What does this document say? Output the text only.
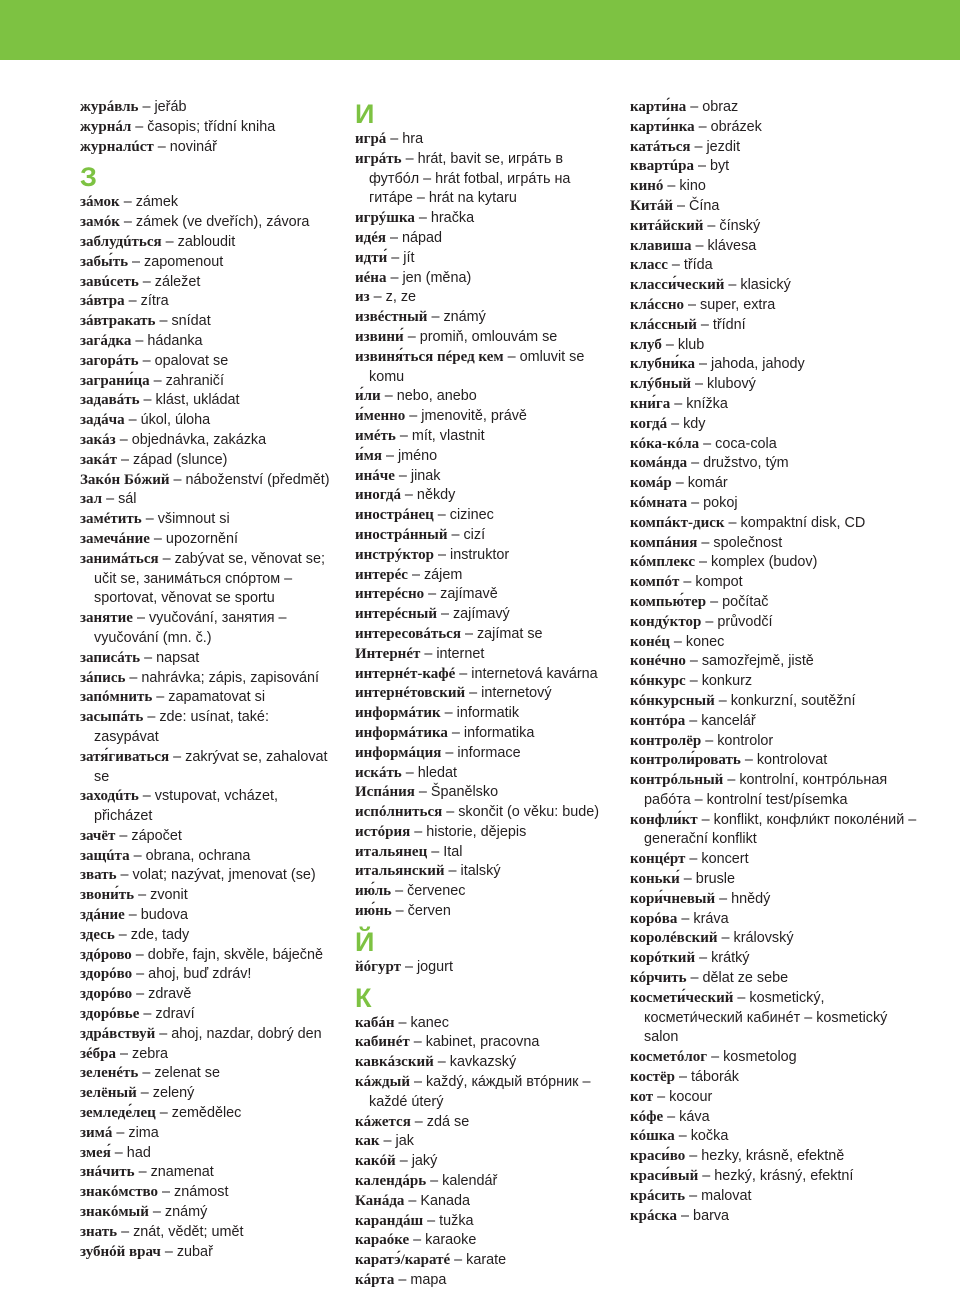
журáвль – jeřáb
журнáл – časopis; třídní kniha
журналúст – novinář
З
зáмок – zámek
замóк – zámek (ve dveřích), závora
заблудúться – zabloudit
забы́ть – zapomenout
завúсеть – záležet
зáвтра – zítra
зáвтракать – snídat
загáдка – hádanka
загорáть – opalovat se
заграни́ца – zahraničí
задавáть – klást, ukládat
задáча – úkol, úloha
закáз – objednávka, zakázka
закáт – západ (slunce)
Закóн Бóжий – náboženství (předmět)
зал – sál
замéтить – všimnout si
замечáние – upozornění
занимáться – zabývat se, věnovat se; učit se, занимáться спóртом – sportovat, věnovat se sportu
занятие – vyučování, занятия – vyučování (mn. č.)
записáть – napsat
зáпись – nahrávka; zápis, zapisování
запóмнить – zapamatovat si
засыпáть – zde: usínat, také: zasypávat
затя́гиваться – zakrývat se, zahalovat se
заходúть – vstupovat, vcházet, přicházet
зачёт – zápočet
защúта – obrana, ochrana
звать – volat; nazývat, jmenovat (se)
звони́ть – zvonit
здáние – budova
здесь – zde, tady
здóрово – dobře, fajn, skvěle, báječně
здорóво – ahoj, buď zdráv!
здорóво – zdravě
здорóвье – zdraví
здрáвствуй – ahoj, nazdar, dobrý den
зéбра – zebra
зеленéть – zelenat se
зелёный – zelený
земледе́лец – zemědělec
зимá – zima
змея́ – had
знáчить – znamenat
знакóмство – známost
знакóмый – známý
знать – znát, vědět; umět
зубнóй врач – zubař
И
игрá – hra
игрáть – hrát, bavit se, игрáть в футбóл – hrát fotbal, игрáть на гитáре – hrát na kytaru
игрýшка – hračka
идéя – nápad
идти́ – jít
иéна – jen (měna)
из – z, ze
извéстный – známý
извини́ – promiň, omlouvám se
извиня́ться пéред кем – omluvit se komu
и́ли – nebo, anebo
и́менно – jmenovitě, právě
имéть – mít, vlastnit
и́мя – jméno
инáче – jinak
иногдá – někdy
инострáнец – cizinec
инострáнный – cizí
инстрýктор – instruktor
интерéс – zájem
интерéсно – zajímavě
интерéсный – zajímavý
интересовáться – zajímat se
Интернéт – internet
интернéт-кафé – internetová kavárna
интернéтовский – internetový
информáтик – informatik
информáтика – informatika
информáция – informace
искáть – hledat
Испáния – Španělsko
испóлниться – skončit (o věku: bude)
истóрия – historie, dějepis
итальянец – Ital
итальянский – italský
ию́ль – červenec
ию́нь – červen
Й
йóгурт – jogurt
К
кабáн – kanec
кабинéт – kabinet, pracovna
кавкáзский – kavkazský
кáждый – každý, кáждый втóрник – každé úterý
кáжется – zdá se
как – jak
какóй – jaký
календáрь – kalendář
Канáда – Kanada
карандáш – tužka
караóке – karaoke
каратэ́/каратé – karate
кáрта – mapa
карти́на – obraz
карти́нка – obrázek
катáться – jezdit
квартúра – byt
кинó – kino
Китáй – Čína
китáйский – čínský
клавиша – klávesa
класс – třída
класси́ческий – klasický
клáссно – super, extra
клáссный – třídní
клуб – klub
клубни́ка – jahoda, jahody
клýбный – klubový
кни́га – knížka
когдá – kdy
кóка-кóла – coca-cola
комáнда – družstvo, tým
комáр – komár
кóмната – pokoj
компáкт-диск – kompaktní disk, CD
компáния – společnost
кóмплекс – komplex (budov)
компóт – kompot
компью́тер – počítač
кондýктор – průvodčí
конéц – konec
конéчно – samozřejmě, jistě
кóнкурс – konkurz
кóнкурсный – konkurzní, soutěžní
контóра – kancelář
контролёр – kontrolor
контроли́ровать – kontrolovat
контрóльный – kontrolní, контрóльная рабóта – kontrolní test/písemka
конфли́кт – konflikt, конфли́кт поколéний – generační konflikt
концéрт – koncert
коньки́ – brusle
кори́чневый – hnědý
корóва – kráva
королéвский – královský
корóткий – krátký
кóрчить – dělat ze sebe
космети́ческий – kosmetický, космети́ческий кабинéт – kosmetický salon
косметóлог – kosmetolog
костёр – táborák
кот – kocour
кóфе – káva
кóшка – kočka
краси́во – hezky, krásně, efektně
краси́вый – hezký, krásný, efektní
крáсить – malovat
крáска – barva
